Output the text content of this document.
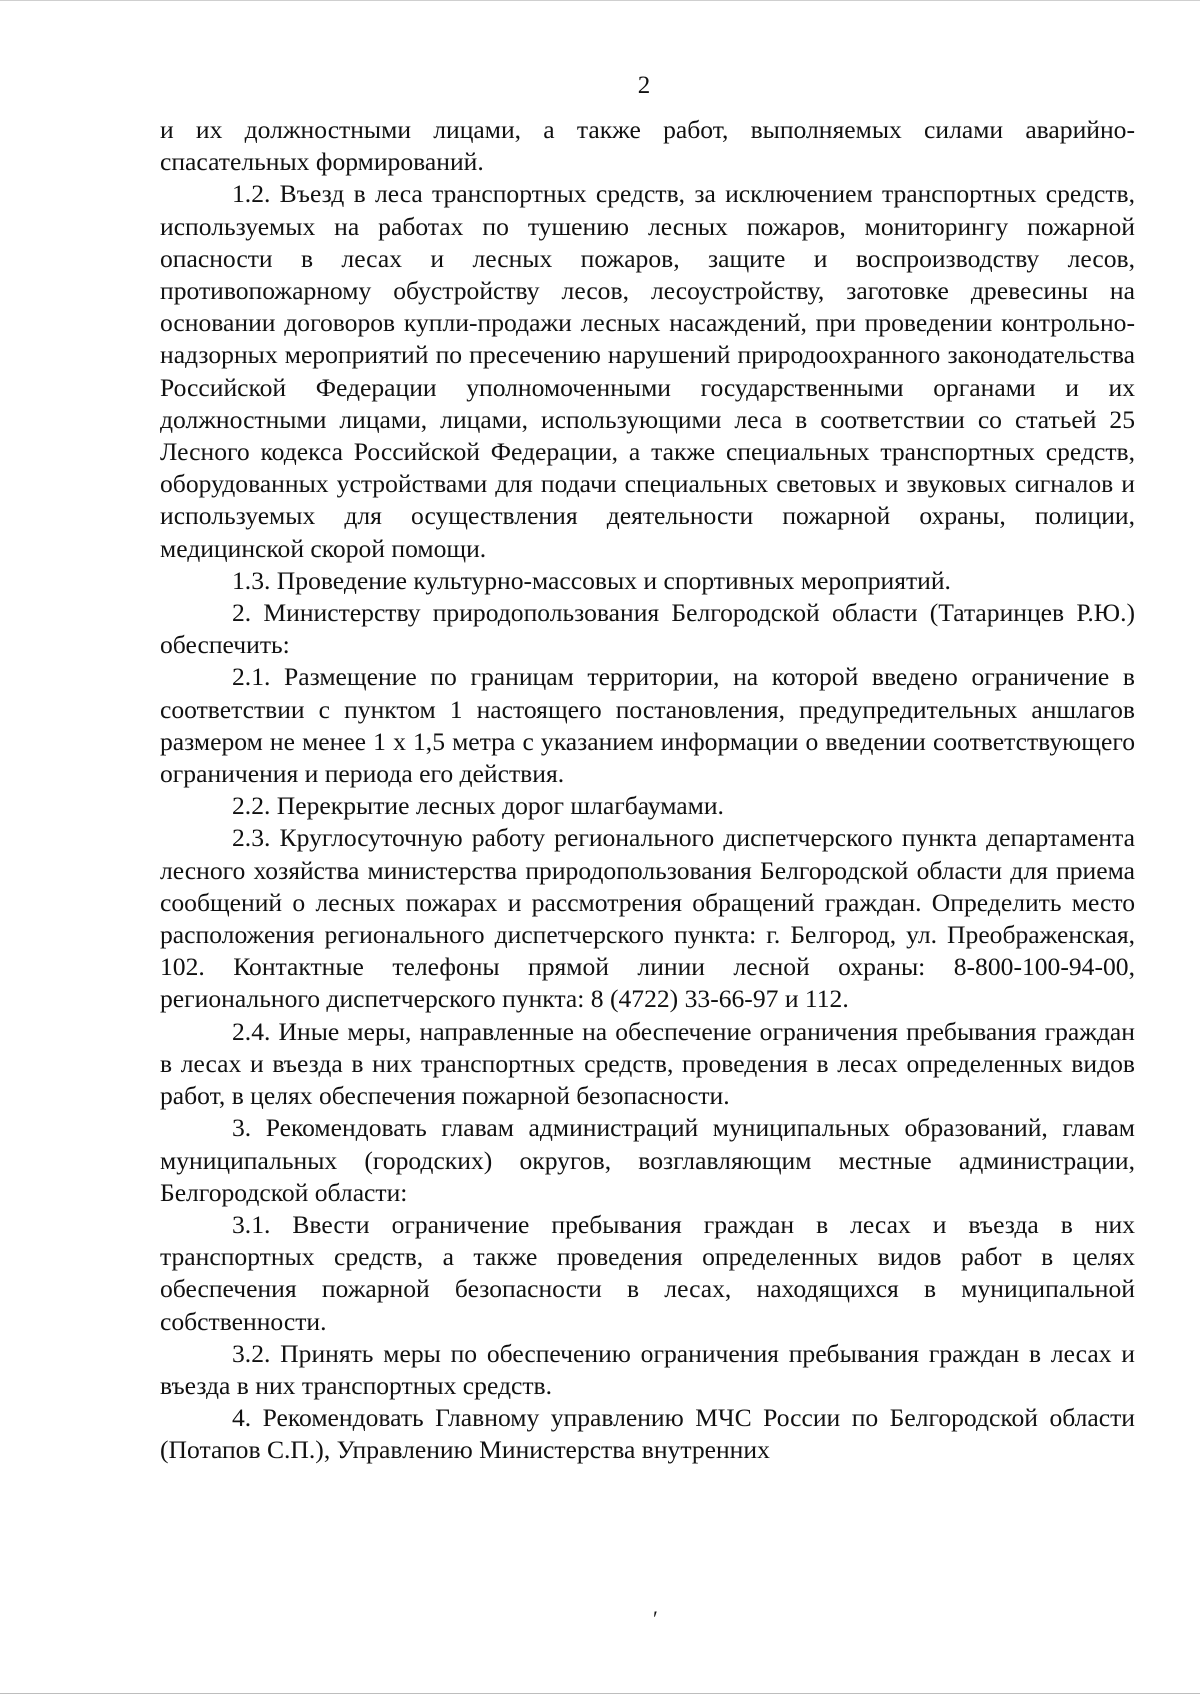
2

и их должностными лицами, а также работ, выполняемых силами аварийно-спасательных формирований.

1.2. Въезд в леса транспортных средств, за исключением транспортных средств, используемых на работах по тушению лесных пожаров, мониторингу пожарной опасности в лесах и лесных пожаров, защите и воспроизводству лесов, противопожарному обустройству лесов, лесоустройству, заготовке древесины на основании договоров купли-продажи лесных насаждений, при проведении контрольно-надзорных мероприятий по пресечению нарушений природоохранного законодательства Российской Федерации уполномоченными государственными органами и их должностными лицами, лицами, использующими леса в соответствии со статьей 25 Лесного кодекса Российской Федерации, а также специальных транспортных средств, оборудованных устройствами для подачи специальных световых и звуковых сигналов и используемых для осуществления деятельности пожарной охраны, полиции, медицинской скорой помощи.

1.3. Проведение культурно-массовых и спортивных мероприятий.

2. Министерству природопользования Белгородской области (Татаринцев Р.Ю.) обеспечить:

2.1. Размещение по границам территории, на которой введено ограничение в соответствии с пунктом 1 настоящего постановления, предупредительных аншлагов размером не менее 1 х 1,5 метра с указанием информации о введении соответствующего ограничения и периода его действия.

2.2. Перекрытие лесных дорог шлагбаумами.

2.3. Круглосуточную работу регионального диспетчерского пункта департамента лесного хозяйства министерства природопользования Белгородской области для приема сообщений о лесных пожарах и рассмотрения обращений граждан. Определить место расположения регионального диспетчерского пункта: г. Белгород, ул. Преображенская, 102. Контактные телефоны прямой линии лесной охраны: 8-800-100-94-00, регионального диспетчерского пункта: 8 (4722) 33-66-97 и 112.

2.4. Иные меры, направленные на обеспечение ограничения пребывания граждан в лесах и въезда в них транспортных средств, проведения в лесах определенных видов работ, в целях обеспечения пожарной безопасности.

3. Рекомендовать главам администраций муниципальных образований, главам муниципальных (городских) округов, возглавляющим местные администрации, Белгородской области:

3.1. Ввести ограничение пребывания граждан в лесах и въезда в них транспортных средств, а также проведения определенных видов работ в целях обеспечения пожарной безопасности в лесах, находящихся в муниципальной собственности.

3.2. Принять меры по обеспечению ограничения пребывания граждан в лесах и въезда в них транспортных средств.

4. Рекомендовать Главному управлению МЧС России по Белгородской области (Потапов С.П.), Управлению Министерства внутренних

′
